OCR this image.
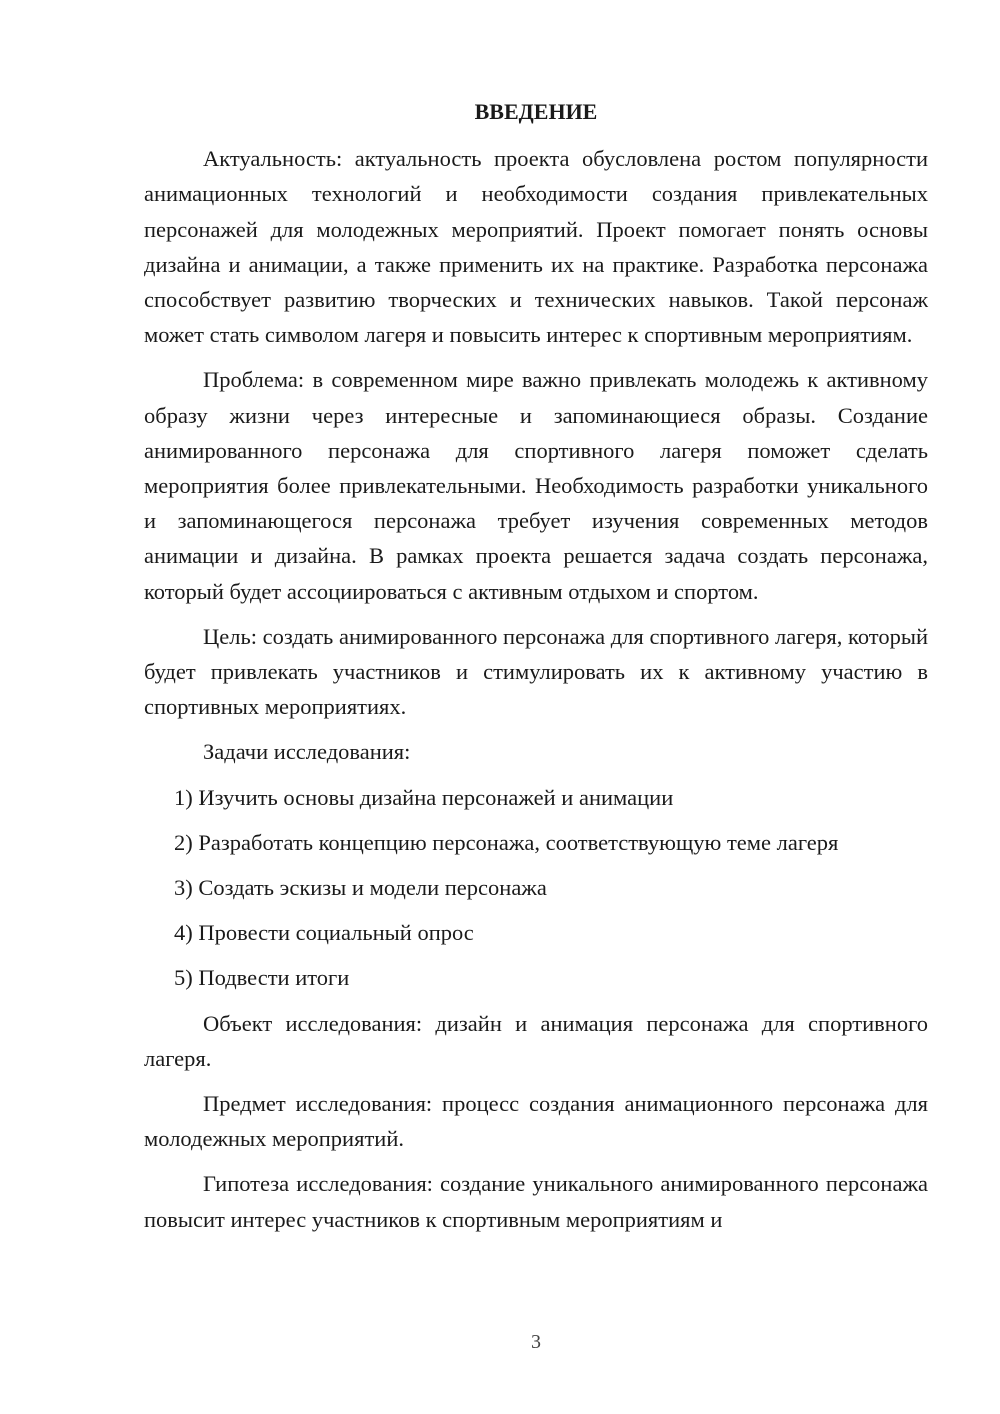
ВВЕДЕНИЕ

Актуальность: актуальность проекта обусловлена ростом популярности анимационных технологий и необходимости создания привлекательных персонажей для молодежных мероприятий. Проект помогает понять основы дизайна и анимации, а также применить их на практике. Разработка персонажа способствует развитию творческих и технических навыков. Такой персонаж может стать символом лагеря и повысить интерес к спортивным мероприятиям.

Проблема: в современном мире важно привлекать молодежь к активному образу жизни через интересные и запоминающиеся образы. Создание анимированного персонажа для спортивного лагеря поможет сделать мероприятия более привлекательными. Необходимость разработки уникального и запоминающегося персонажа требует изучения современных методов анимации и дизайна. В рамках проекта решается задача создать персонажа, который будет ассоциироваться с активным отдыхом и спортом.

Цель: создать анимированного персонажа для спортивного лагеря, который будет привлекать участников и стимулировать их к активному участию в спортивных мероприятиях.

Задачи исследования:

1) Изучить основы дизайна персонажей и анимации
2) Разработать концепцию персонажа, соответствующую теме лагеря
3) Создать эскизы и модели персонажа
4) Провести социальный опрос
5) Подвести итоги

Объект исследования: дизайн и анимация персонажа для спортивного лагеря.

Предмет исследования: процесс создания анимационного персонажа для молодежных мероприятий.

Гипотеза исследования: создание уникального анимированного персонажа повысит интерес участников к спортивным мероприятиям и

3
